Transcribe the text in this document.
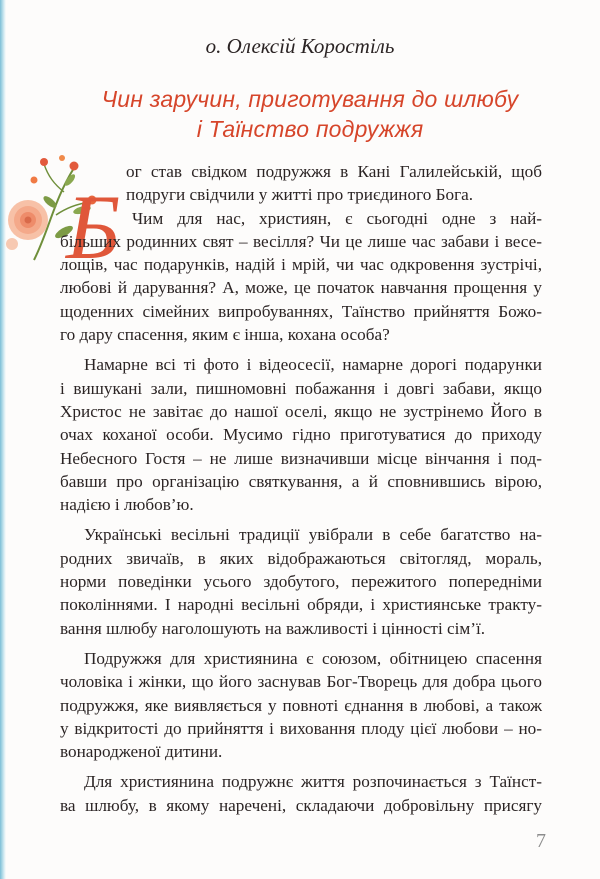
о. Олексій Коростіль
Чин заручин, приготування до шлюбу
і Таїнство подружжя
Б
ог став свідком подружжя в Кані Галилейській, щоб
подруги свідчили у житті про триєдиного Бога.
Чим для нас, християн, є сьогодні одне з най-
більших родинних свят – весілля? Чи це лише час забави і весе-
лощів, час подарунків, надій і мрій, чи час одкровення зустрічі,
любові й дарування? А, може, це початок навчання прощення у
щоденних сімейних випробуваннях, Таїнство прийняття Божо-
го дару спасення, яким є інша, кохана особа?
Намарне всі ті фото і відеосесії, намарне дорогі подарунки
і вишукані зали, пишномовні побажання і довгі забави, якщо
Христос не завітає до нашої оселі, якщо не зустрінемо Його в
очах коханої особи. Мусимо гідно приготуватися до приходу
Небесного Гостя – не лише визначивши місце вінчання і под-
бавши про організацію святкування, а й сповнившись вірою,
надією і любов’ю.
Українські весільні традиції увібрали в себе багатство на-
родних звичаїв, в яких відображаються світогляд, мораль,
норми поведінки усього здобутого, пережитого попередніми
поколіннями. І народні весільні обряди, і християнське тракту-
вання шлюбу наголошують на важливості і цінності сім’ї.
Подружжя для християнина є союзом, обітницею спасення
чоловіка і жінки, що його заснував Бог-Творець для добра цього
подружжя, яке виявляється у повноті єднання в любові, а також
у відкритості до прийняття і виховання плоду цієї любови – но-
вонародженої дитини.
Для християнина подружнє життя розпочинається з Таїнст-
ва шлюбу, в якому наречені, складаючи добровільну присягу
7
